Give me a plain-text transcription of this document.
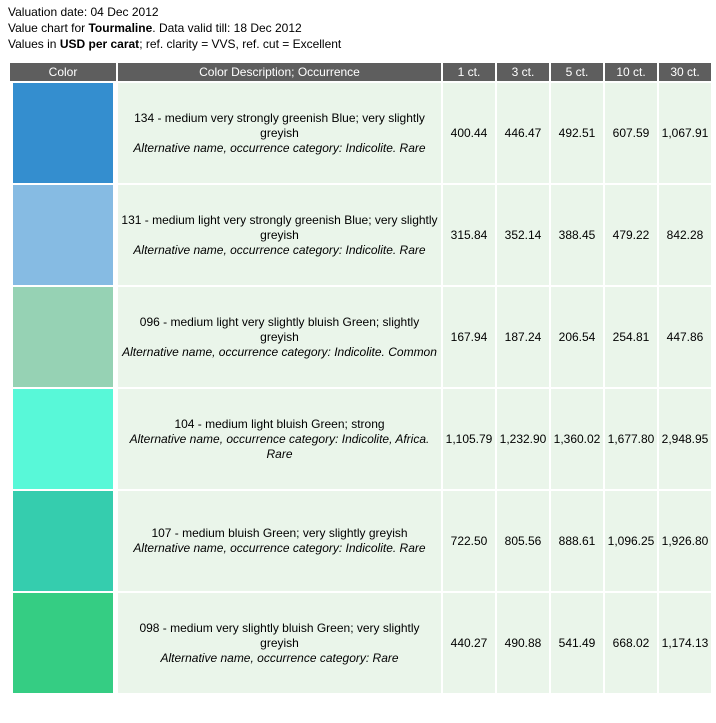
Valuation date: 04 Dec 2012
Value chart for Tourmaline. Data valid till: 18 Dec 2012
Values in USD per carat; ref. clarity = VVS, ref. cut = Excellent
Color	Color Description; Occurrence	1 ct.	3 ct.	5 ct.	10 ct.	30 ct.

	134 - medium very strongly greenish Blue; very slightly greyish
Alternative name, occurrence category: Indicolite. Rare	400.44	446.47	492.51	607.59	1,067.91

	131 - medium light very strongly greenish Blue; very slightly greyish
Alternative name, occurrence category: Indicolite. Rare	315.84	352.14	388.45	479.22	842.28

	096 - medium light very slightly bluish Green; slightly greyish
Alternative name, occurrence category: Indicolite. Common	167.94	187.24	206.54	254.81	447.86

	104 - medium light bluish Green; strong
Alternative name, occurrence category: Indicolite, Africa. Rare	1,105.79	1,232.90	1,360.02	1,677.80	2,948.95

	107 - medium bluish Green; very slightly greyish
Alternative name, occurrence category: Indicolite. Rare	722.50	805.56	888.61	1,096.25	1,926.80

	098 - medium very slightly bluish Green; very slightly greyish
Alternative name, occurrence category: Rare	440.27	490.88	541.49	668.02	1,174.13
